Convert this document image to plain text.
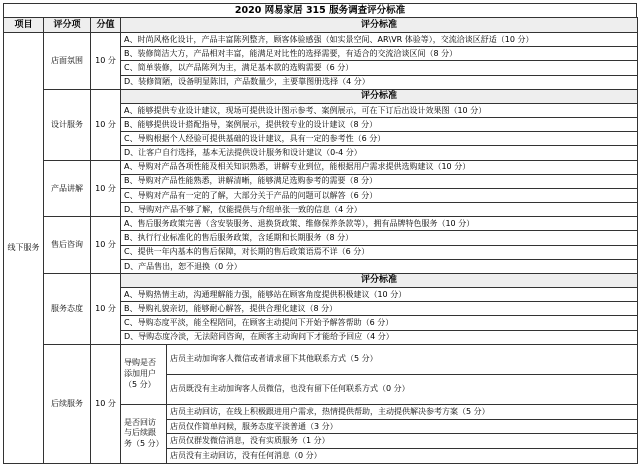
2020 网易家居 315 服务调查评分标准
项目	评分项	分值	评分标准	
线下服务	店面氛围	10 分	A、时尚风格化设计，产品丰富陈列整齐，顾客体验感强（如实景空间、AR\VR 体验等），交流洽谈区舒适（10 分）	
			B、装修简洁大方，产品相对丰富，能满足对比性的选择需要，有适合的交流洽谈区间（8 分）	
			C、简单装修，以产品陈列为主，满足基本款的选购需要（6 分）	
			D、装修简陋，设备明显陈旧，产品数量少，主要靠图册选择（4 分）	
	设计服务	10 分	评分标准	
			A、能够提供专业设计建议，现场可提供设计图示参考、案例展示，可在下订后出设计效果图（10 分）	
			B、能够提供设计搭配指导，案例展示，提供较专业的设计建议（8 分）	
			C、导购根据个人经验可提供基础的设计建议，具有一定的参考性（6 分）	
			D、让客户自行选择，基本无法提供设计服务和设计建议（0-4 分）	
	产品讲解	10 分	A、导购对产品各项性能及相关知识熟悉，讲解专业到位，能根据用户需求提供选购建议（10 分）	
			B、导购对产品性能熟悉，讲解清晰，能够满足选购参考的需要（8 分）	
			C、导购对产品有一定的了解，大部分关于产品的问题可以解答（6 分）	
			D、导购对产品不够了解，仅能提供与介绍单张一致的信息（4 分）	
	售后咨询	10 分	A、售后服务政策完善（含安装服务、退换货政策、维修保养条款等），拥有品牌特色服务（10 分）	
			B、执行行业标准化的售后服务政策，含延期和长期服务（8 分）	
			C、提供一年内基本的售后保障，对长期的售后政策语焉不详（6 分）	
			D、产品售出，恕不退换（0 分）	
	服务态度	10 分	评分标准	
			A、导购热情主动，沟通理解能力强，能够站在顾客角度提供积极建议（10 分）	
			B、导购礼貌亲切，能够耐心解答，提供合理化建议（8 分）	
			C、导购态度平淡，能全程陪同，在顾客主动提问下开始予解答帮助（6 分）	
			D、导购态度冷淡，无法陪同咨询，在顾客主动询问下才能给予回应（4 分）	
	后续服务	10 分	导购是否添加用户（5 分）	店员主动加询客人微信或者请求留下其他联系方式（5 分）
				店员既没有主动加询客人员微信，也没有留下任何联系方式（0 分）
			是否回访与后续跟务（5 分）	店员主动回访，在线上积极跟进用户需求，热情提供帮助，主动提供解决参考方案（5 分）
				店员仅作简单问候，服务态度平淡普通（3 分）
				店员仅群发微信消息，没有实质服务（1 分）
				店员没有主动回访，没有任何消息（0 分）
